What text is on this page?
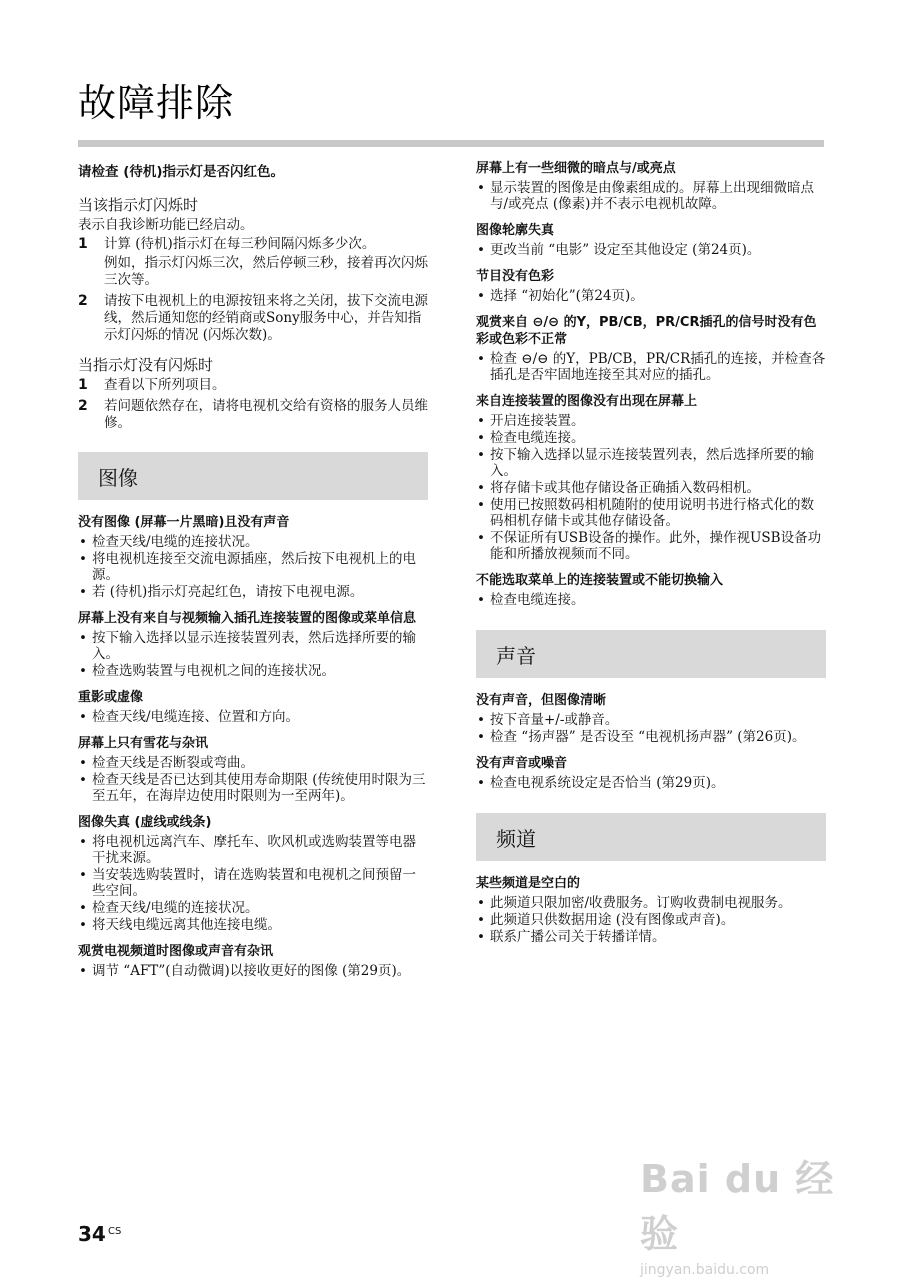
故障排除

请检查 (待机)指示灯是否闪红色。

当该指示灯闪烁时

表示自我诊断功能已经启动。

1 计算 (待机)指示灯在每三秒间隔闪烁多少次。
例如，指示灯闪烁三次，然后停顿三秒，接着再次闪烁三次等。
2 请按下电视机上的电源按钮来将之关闭，拔下交流电源线，然后通知您的经销商或Sony服务中心，并告知指示灯闪烁的情况 (闪烁次数)。
当指示灯没有闪烁时
1 查看以下所列项目。
2 若问题依然存在，请将电视机交给有资格的服务人员维修。
图像
没有图像 (屏幕一片黑暗)且没有声音
• 检查天线/电缆的连接状况。
• 将电视机连接至交流电源插座，然后按下电视机上的电源。
• 若 (待机)指示灯亮起红色，请按下电视电源。
屏幕上没有来自与视频输入插孔连接装置的图像或菜单信息
• 按下输入选择以显示连接装置列表，然后选择所要的输入。
• 检查选购装置与电视机之间的连接状况。
重影或虚像
• 检查天线/电缆连接、位置和方向。
屏幕上只有雪花与杂讯
• 检查天线是否断裂或弯曲。
• 检查天线是否已达到其使用寿命期限 (传统使用时限为三至五年，在海岸边使用时限则为一至两年)。
图像失真 (虚线或线条)
• 将电视机远离汽车、摩托车、吹风机或选购装置等电器干扰来源。
• 当安装选购装置时，请在选购装置和电视机之间预留一些空间。
• 检查天线/电缆的连接状况。
• 将天线电缆远离其他连接电缆。
观赏电视频道时图像或声音有杂讯
• 调节 “AFT”(自动微调)以接收更好的图像 (第29页)。
屏幕上有一些细微的暗点与/或亮点
• 显示装置的图像是由像素组成的。屏幕上出现细微暗点与/或亮点 (像素)并不表示电视机故障。
图像轮廓失真
• 更改当前 “电影” 设定至其他设定 (第24页)。
节目没有色彩
• 选择 “初始化”(第24页)。
观赏来自 ⊖/⊖ 的Y，PB/CB，PR/CR插孔的信号时没有色彩或色彩不正常
• 检查 ⊖/⊖ 的Y，PB/CB，PR/CR插孔的连接，并检查各插孔是否牢固地连接至其对应的插孔。
来自连接装置的图像没有出现在屏幕上
• 开启连接装置。
• 检查电缆连接。
• 按下输入选择以显示连接装置列表，然后选择所要的输入。
• 将存储卡或其他存储设备正确插入数码相机。
• 使用已按照数码相机随附的使用说明书进行格式化的数码相机存储卡或其他存储设备。
• 不保证所有USB设备的操作。此外，操作视USB设备功能和所播放视频而不同。
不能选取菜单上的连接装置或不能切换输入
• 检查电缆连接。
声音
没有声音，但图像清晰
• 按下音量+/-或静音。
• 检查 “扬声器” 是否设至 “电视机扬声器” (第26页)。
没有声音或噪音
• 检查电视系统设定是否恰当 (第29页)。
频道
某些频道是空白的
• 此频道只限加密/收费服务。订购收费制电视服务。
• 此频道只供数据用途 (没有图像或声音)。
• 联系广播公司关于转播详情。
34 CS
Bai du 经验
jingyan.baidu.com
